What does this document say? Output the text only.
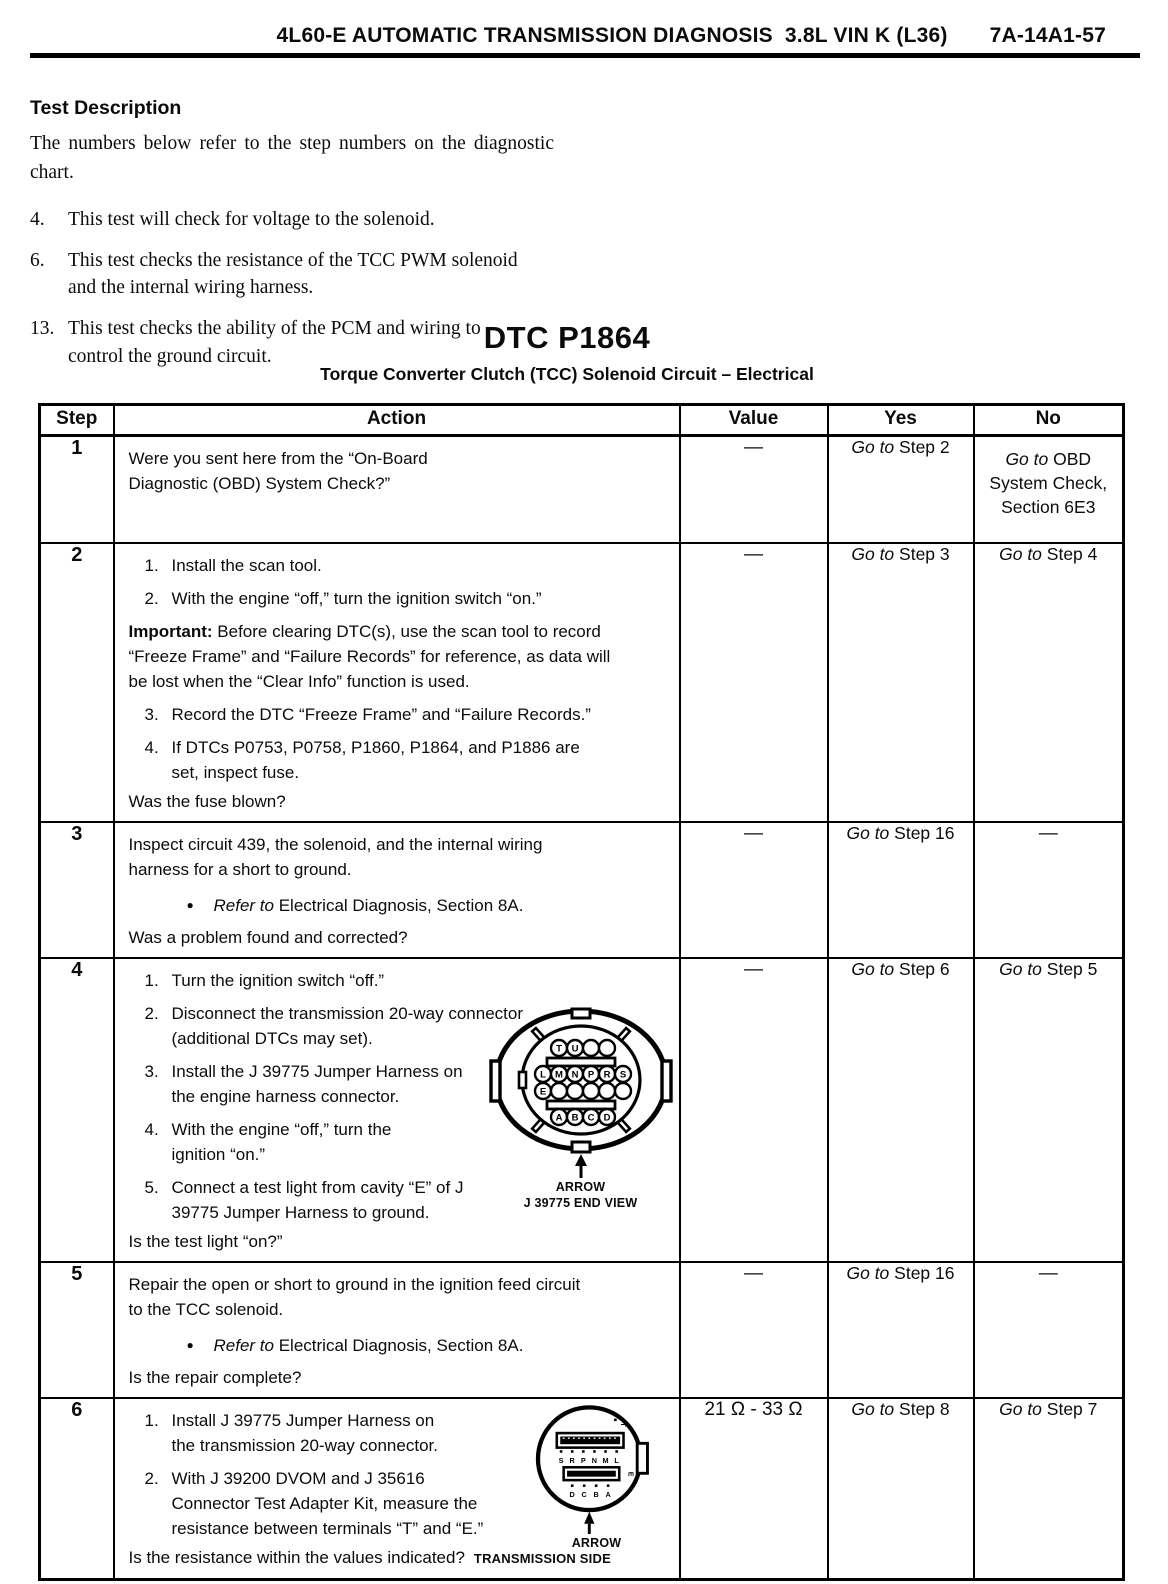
4L60-E AUTOMATIC TRANSMISSION DIAGNOSIS  3.8L VIN K (L36) 7A-14A1-57
Test Description
The numbers below refer to the step numbers on the diagnostic chart.
4.	This test will check for voltage to the solenoid.
6.	This test checks the resistance of the TCC PWM solenoid and the internal wiring harness.
13. This test checks the ability of the PCM and wiring to control the ground circuit.
DTC P1864
Torque Converter Clutch (TCC) Solenoid Circuit – Electrical
Step	Action	Value	Yes	No
1	Were you sent here from the “On-Board Diagnostic (OBD) System Check?”	—	Go to Step 2	Go to OBD System Check, Section 6E3
2	1. Install the scan tool.
2. With the engine “off,” turn the ignition switch “on.”
Important: Before clearing DTC(s), use the scan tool to record “Freeze Frame” and “Failure Records” for reference, as data will be lost when the “Clear Info” function is used.
3. Record the DTC “Freeze Frame” and “Failure Records.”
4. If DTCs P0753, P0758, P1860, P1864, and P1886 are set, inspect fuse.
Was the fuse blown?
	—	Go to Step 3	Go to Step 4
3	Inspect circuit 439, the solenoid, and the internal wiring harness for a short to ground.
● Refer to Electrical Diagnosis, Section 8A.
Was a problem found and corrected?	—	Go to Step 16	—
4	1. Turn the ignition switch “off.”
2. Disconnect the transmission 20-way connector (additional DTCs may set).
3. Install the J 39775 Jumper Harness on the engine harness connector.
4. With the engine “off,” turn the ignition “on.”
5. Connect a test light from cavity “E” of J 39775 Jumper Harness to ground.
Is the test light “on?”
T U
L M N P R S
E
A B C D
ARROW
J 39775 END VIEW
	—	Go to Step 6	Go to Step 5
5	Repair the open or short to ground in the ignition feed circuit to the TCC solenoid.
● Refer to Electrical Diagnosis, Section 8A.
Is the repair complete?	—	Go to Step 16	—
6	1. Install J 39775 Jumper Harness on the transmission 20-way connector.
2. With J 39200 DVOM and J 35616 Connector Test Adapter Kit, measure the resistance between terminals “T” and “E.”
Is the resistance within the values indicated? TRANSMISSION SIDE
S R P N M L
T
E
D C B A
ARROW
	21 Ω - 33 Ω	Go to Step 8	Go to Step 7
